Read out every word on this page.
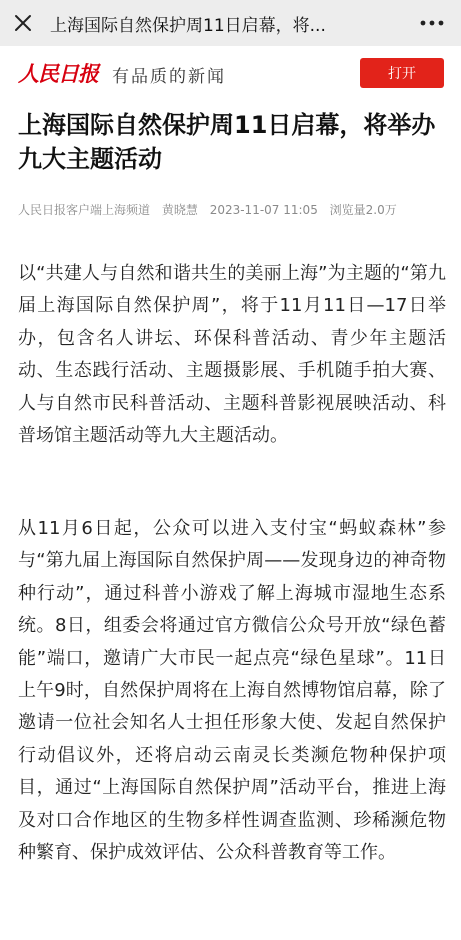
上海国际自然保护周11日启幕，将...
人民日报 有品质的新闻	打开
上海国际自然保护周11日启幕，将举办九大主题活动
人民日报客户端上海频道 黄晓慧 2023-11-07 11:05 浏览量2.0万

以“共建人与自然和谐共生的美丽上海”为主题的“第九届上海国际自然保护周”，将于11月11日—17日举办，包含名人讲坛、环保科普活动、青少年主题活动、生态践行活动、主题摄影展、手机随手拍大赛、人与自然市民科普活动、主题科普影视展映活动、科普场馆主题活动等九大主题活动。

从11月6日起，公众可以进入支付宝“蚂蚁森林”参与“第九届上海国际自然保护周——发现身边的神奇物种行动”，通过科普小游戏了解上海城市湿地生态系统。8日，组委会将通过官方微信公众号开放“绿色蓄能”端口，邀请广大市民一起点亮“绿色星球”。11日上午9时，自然保护周将在上海自然博物馆启幕，除了邀请一位社会知名人士担任形象大使、发起自然保护行动倡议外，还将启动云南灵长类濒危物种保护项目，通过“上海国际自然保护周”活动平台，推进上海及对口合作地区的生物多样性调查监测、珍稀濒危物种繁育、保护成效评估、公众科普教育等工作。
